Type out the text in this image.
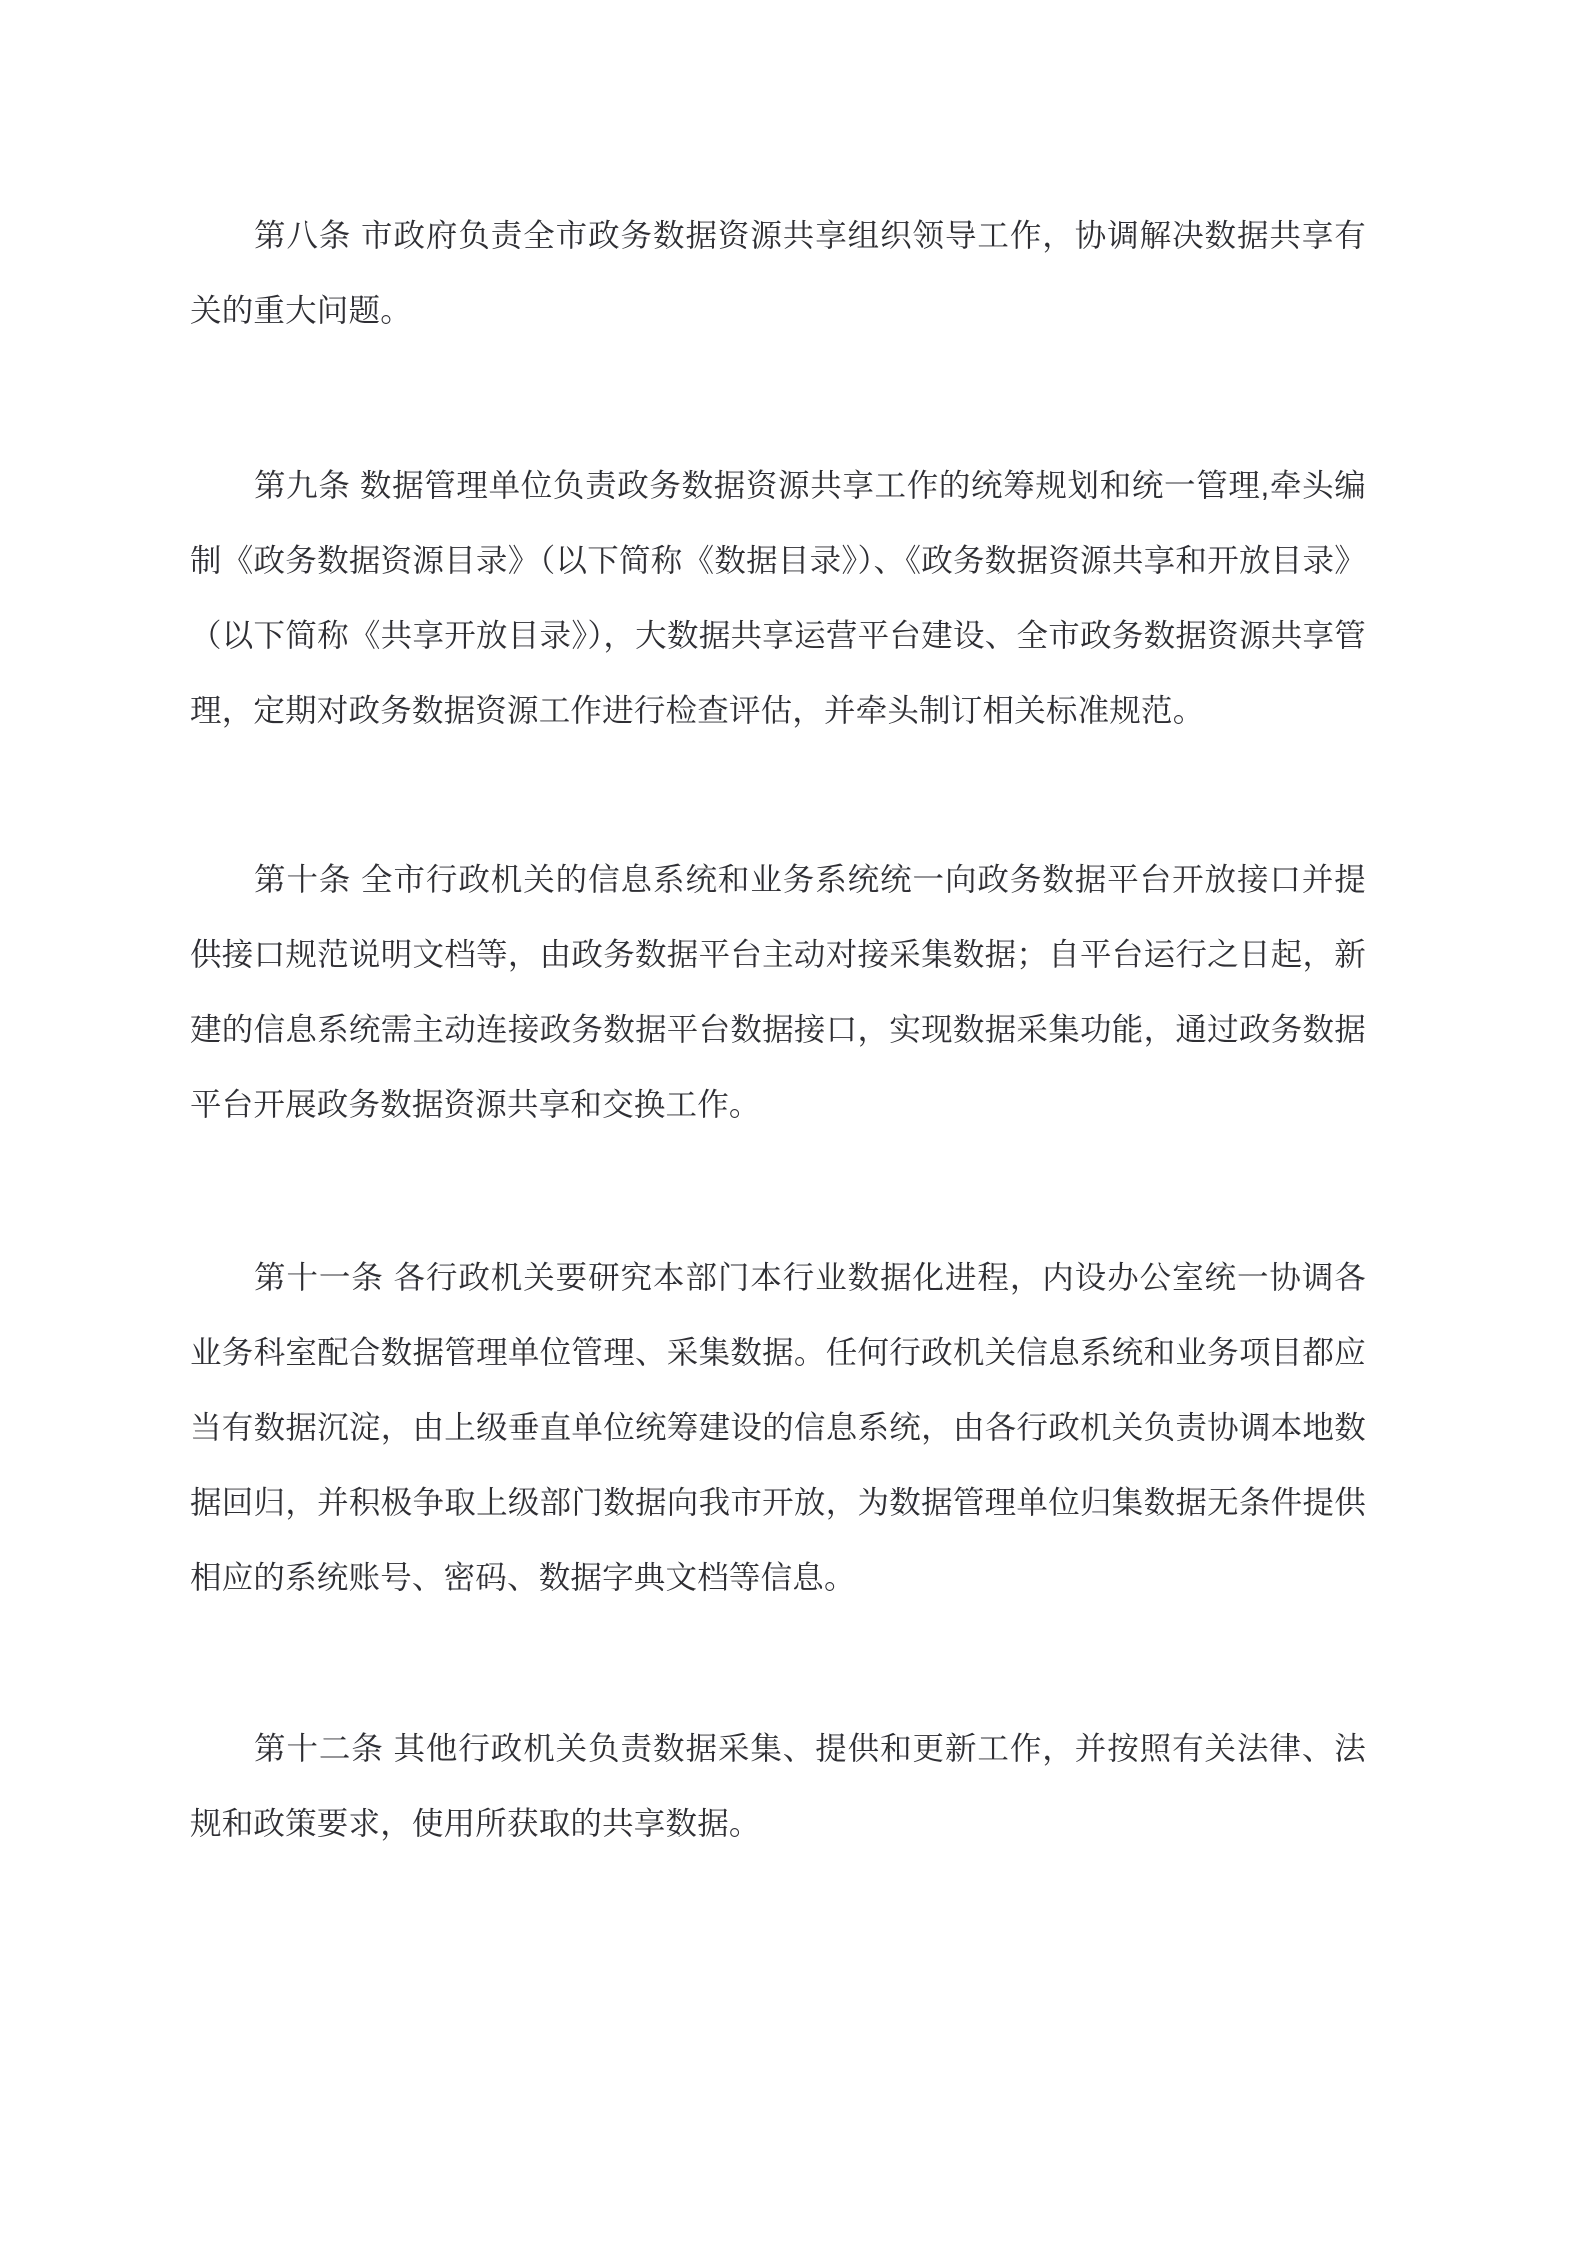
第八条 市政府负责全市政务数据资源共享组织领导工作，协调解决数据共享有关的重大问题。

第九条 数据管理单位负责政务数据资源共享工作的统筹规划和统一管理,牵头编制《政务数据资源目录》（以下简称《数据目录》）、《政务数据资源共享和开放目录》（以下简称《共享开放目录》），大数据共享运营平台建设、全市政务数据资源共享管理，定期对政务数据资源工作进行检查评估，并牵头制订相关标准规范。

第十条 全市行政机关的信息系统和业务系统统一向政务数据平台开放接口并提供接口规范说明文档等，由政务数据平台主动对接采集数据；自平台运行之日起，新建的信息系统需主动连接政务数据平台数据接口，实现数据采集功能，通过政务数据平台开展政务数据资源共享和交换工作。

第十一条 各行政机关要研究本部门本行业数据化进程，内设办公室统一协调各业务科室配合数据管理单位管理、采集数据。任何行政机关信息系统和业务项目都应当有数据沉淀，由上级垂直单位统筹建设的信息系统，由各行政机关负责协调本地数据回归，并积极争取上级部门数据向我市开放，为数据管理单位归集数据无条件提供相应的系统账号、密码、数据字典文档等信息。

第十二条 其他行政机关负责数据采集、提供和更新工作，并按照有关法律、法规和政策要求，使用所获取的共享数据。
